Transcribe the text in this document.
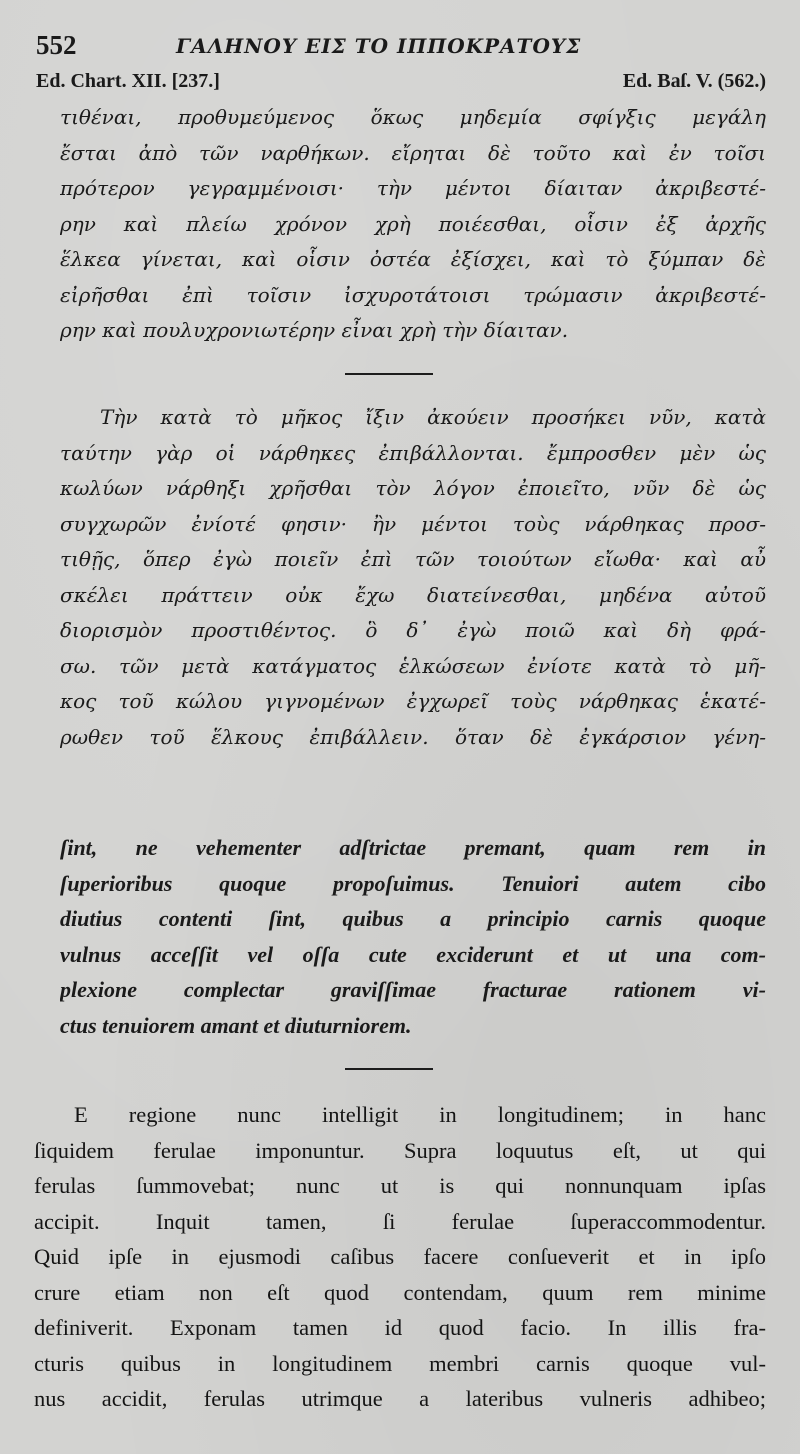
552	ΓΑΛΗΝΟΥ ΕΙΣ ΤΟ ΙΠΠΟΚΡΑΤΟΥΣ
Ed. Chart. XII. [237.]	Ed. Baſ. V. (562.)
τιθέναι, προθυμεύμενος ὅκως μηδεμία σφίγξις μεγάλη
ἔσται ἀπὸ τῶν ναρθήκων. εἴρηται δὲ τοῦτο καὶ ἐν τοῖσι
πρότερον γεγραμμένοισι· τὴν μέντοι δίαιταν ἀκριβεστέ-
ρην καὶ πλείω χρόνον χρὴ ποιέεσθαι, οἷσιν ἐξ ἀρχῆς
ἕλκεα γίνεται, καὶ οἷσιν ὀστέα ἐξίσχει, καὶ τὸ ξύμπαν δὲ
εἰρῆσθαι ἐπὶ τοῖσιν ἰσχυροτάτοισι τρώμασιν ἀκριβεστέ-
ρην καὶ πουλυχρονιωτέρην εἶναι χρὴ τὴν δίαιταν.
Τὴν κατὰ τὸ μῆκος ἴξιν ἀκούειν προσήκει νῦν, κατὰ
ταύτην γὰρ οἱ νάρθηκες ἐπιβάλλονται. ἔμπροσθεν μὲν ὡς
κωλύων νάρθηξι χρῆσθαι τὸν λόγον ἐποιεῖτο, νῦν δὲ ὡς
συγχωρῶν ἐνίοτέ φησιν· ἢν μέντοι τοὺς νάρθηκας προσ-
τιθῇς, ὅπερ ἐγὼ ποιεῖν ἐπὶ τῶν τοιούτων εἴωθα· καὶ αὖ
σκέλει πράττειν οὐκ ἔχω διατείνεσθαι, μηδένα αὐτοῦ
διορισμὸν προστιθέντος. ὃ δ᾽ ἐγὼ ποιῶ καὶ δὴ φρά-
σω. τῶν μετὰ κατάγματος ἑλκώσεων ἐνίοτε κατὰ τὸ μῆ-
κος τοῦ κώλου γιγνομένων ἐγχωρεῖ τοὺς νάρθηκας ἑκατέ-
ρωθεν τοῦ ἕλκους ἐπιβάλλειν. ὅταν δὲ ἐγκάρσιον γένη-
ſint, ne vehementer adſtrictae premant, quam rem in
ſuperioribus quoque propoſuimus. Tenuiori autem cibo
diutius contenti ſint, quibus a principio carnis quoque
vulnus acceſſit vel oſſa cute exciderunt et ut una com-
plexione complectar graviſſimae fracturae rationem vi-
ctus tenuiorem amant et diuturniorem.
E regione nunc intelligit in longitudinem; in hanc
ſiquidem ferulae imponuntur. Supra loquutus eſt, ut qui
ferulas ſummovebat; nunc ut is qui nonnunquam ipſas
accipit. Inquit tamen, ſi ferulae ſuperaccommodentur.
Quid ipſe in ejusmodi caſibus facere conſueverit et in ipſo
crure etiam non eſt quod contendam, quum rem minime
definiverit. Exponam tamen id quod facio. In illis fra-
cturis quibus in longitudinem membri carnis quoque vul-
nus accidit, ferulas utrimque a lateribus vulneris adhibeo;
